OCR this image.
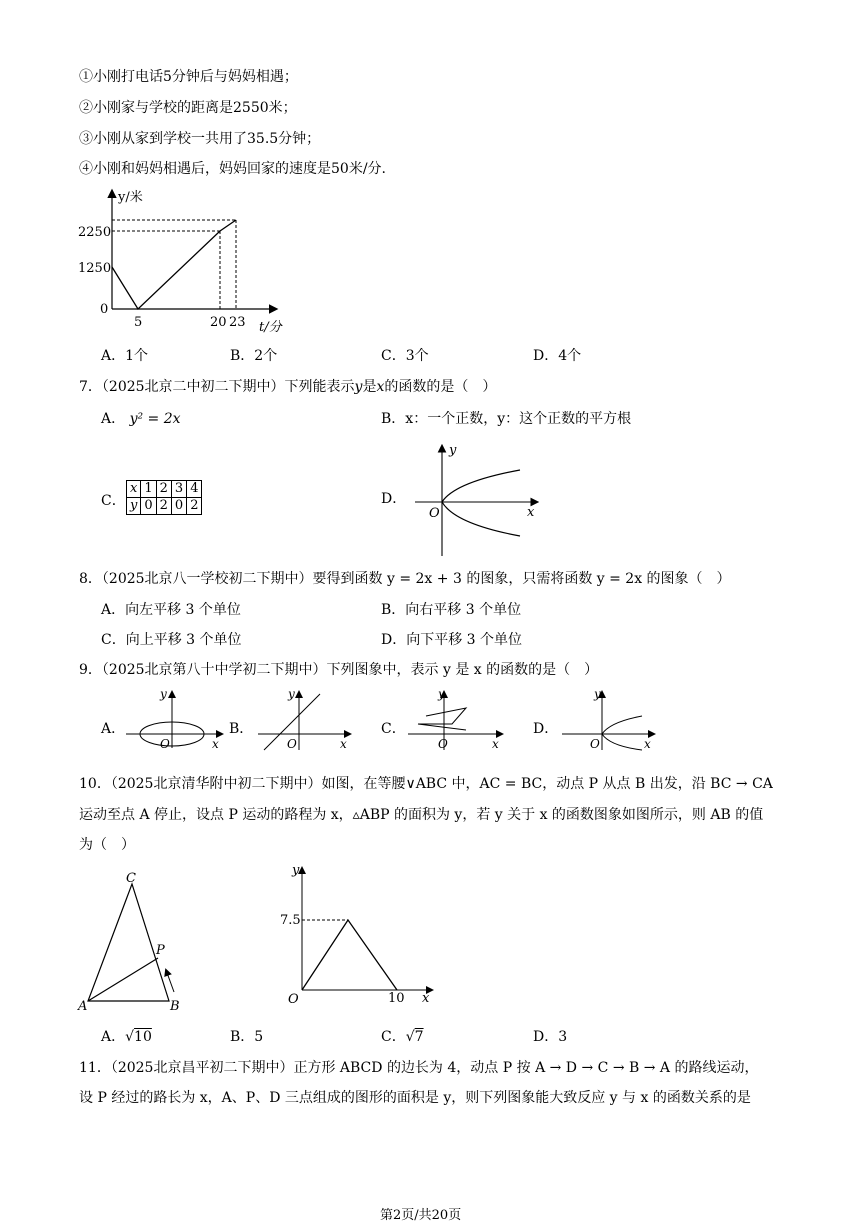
①小刚打电话5分钟后与妈妈相遇；
②小刚家与学校的距离是2550米；
③小刚从家到学校一共用了35.5分钟；
④小刚和妈妈相遇后，妈妈回家的速度是50米/分.
y/米
t/分
2250
1250
0
5	20 23
A．1个	B．2个	C．3个	D．4个
7．（2025北京二中初二下期中）下列能表示y是x的函数的是（　）
A． y² = 2x	B．x：一个正数，y：这个正数的平方根
C．
x	1	2	3	4
y	0	2	0	2	D．
y
x
O
8．（2025北京八一学校初二下期中）要得到函数 y = 2x + 3 的图象，只需将函数 y = 2x 的图象（　）
A．向左平移 3 个单位	B．向右平移 3 个单位
C．向上平移 3 个单位	D．向下平移 3 个单位
9．（2025北京第八十中学初二下期中）下列图象中，表示 y 是 x 的函数的是（　）
A．
y
x
O
B．
y
x
O
C．
y
x
O
D．
y
x
O
10．（2025北京清华附中初二下期中）如图，在等腰∨ABC 中，AC = BC，动点 P 从点 B 出发，沿 BC → CA
运动至点 A 停止，设点 P 运动的路程为 x，▵ABP 的面积为 y，若 y 关于 x 的函数图象如图所示，则 AB 的值
为（　）
C
P
A	B
y
x
O
7.5
10
A．√10	B．5	C．√7	D．3
11．（2025北京昌平初二下期中）正方形 ABCD 的边长为 4，动点 P 按 A → D → C → B → A 的路线运动，
设 P 经过的路长为 x，A、P、D 三点组成的图形的面积是 y，则下列图象能大致反应 y 与 x 的函数关系的是
第2页/共20页
